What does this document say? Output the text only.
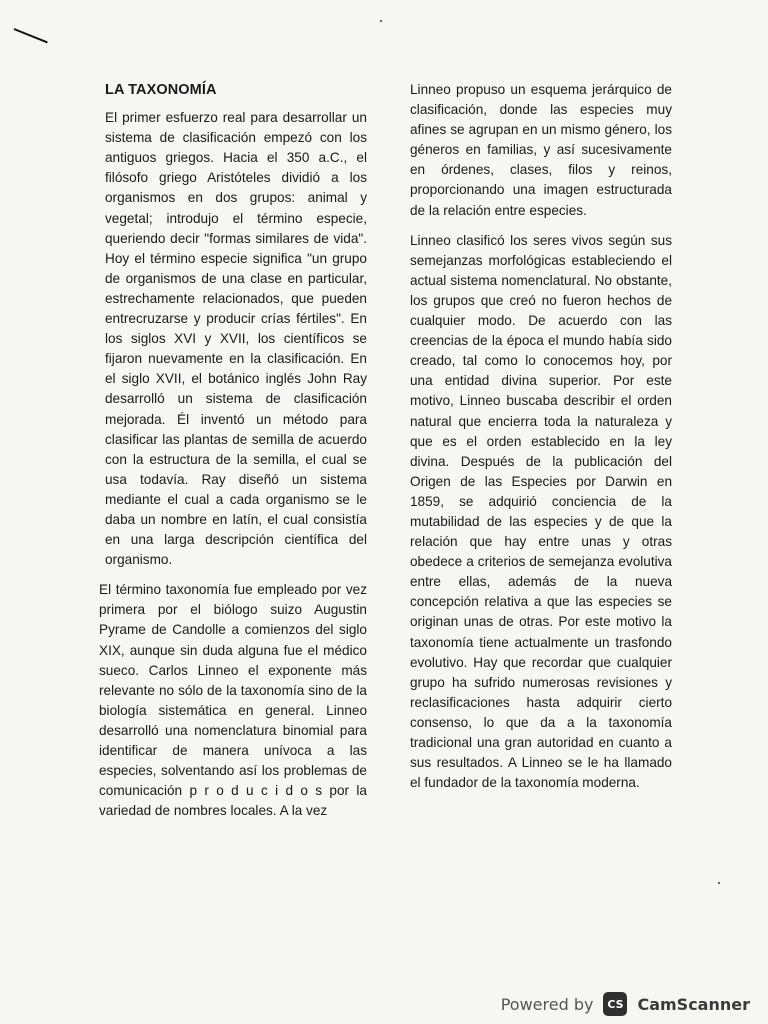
LA TAXONOMÍA

El primer esfuerzo real para desarrollar un sistema de clasificación empezó con los antiguos griegos. Hacia el 350 a.C., el filósofo griego Aristóteles dividió a los organismos en dos grupos: animal y vegetal; introdujo el término especie, queriendo decir "formas similares de vida". Hoy el término especie significa "un grupo de organismos de una clase en particular, estrechamente relacionados, que pueden entrecruzarse y producir crías fértiles". En los siglos XVI y XVII, los científicos se fijaron nuevamente en la clasificación. En el siglo XVII, el botánico inglés John Ray desarrolló un sistema de clasificación mejorada. Él inventó un método para clasificar las plantas de semilla de acuerdo con la estructura de la semilla, el cual se usa todavía. Ray diseñó un sistema mediante el cual a cada organismo se le daba un nombre en latín, el cual consistía en una larga descripción científica del organismo.

El término taxonomía fue empleado por vez primera por el biólogo suizo Augustin Pyrame de Candolle a comienzos del siglo XIX, aunque sin duda alguna fue el médico sueco. Carlos Linneo el exponente más relevante no sólo de la taxonomía sino de la biología sistemática en general. Linneo desarrolló una nomenclatura binomial para identificar de manera unívoca a las especies, solventando así los problemas de comunicación p r o d u c i d o s por la variedad de nombres locales. A la vez

Linneo propuso un esquema jerárquico de clasificación, donde las especies muy afines se agrupan en un mismo género, los géneros en familias, y así sucesivamente en órdenes, clases, filos y reinos, proporcionando una imagen estructurada de la relación entre especies.

Linneo clasificó los seres vivos según sus semejanzas morfológicas estableciendo el actual sistema nomenclatural. No obstante, los grupos que creó no fueron hechos de cualquier modo. De acuerdo con las creencias de la época el mundo había sido creado, tal como lo conocemos hoy, por una entidad divina superior. Por este motivo, Linneo buscaba describir el orden natural que encierra toda la naturaleza y que es el orden establecido en la ley divina. Después de la publicación del Origen de las Especies por Darwin en 1859, se adquirió conciencia de la mutabilidad de las especies y de que la relación que hay entre unas y otras obedece a criterios de semejanza evolutiva entre ellas, además de la nueva concepción relativa a que las especies se originan unas de otras. Por este motivo la taxonomía tiene actualmente un trasfondo evolutivo. Hay que recordar que cualquier grupo ha sufrido numerosas revisiones y reclasificaciones hasta adquirir cierto consenso, lo que da a la taxonomía tradicional una gran autoridad en cuanto a sus resultados. A Linneo se le ha llamado el fundador de la taxonomía moderna.

Powered by	CS CamScanner
